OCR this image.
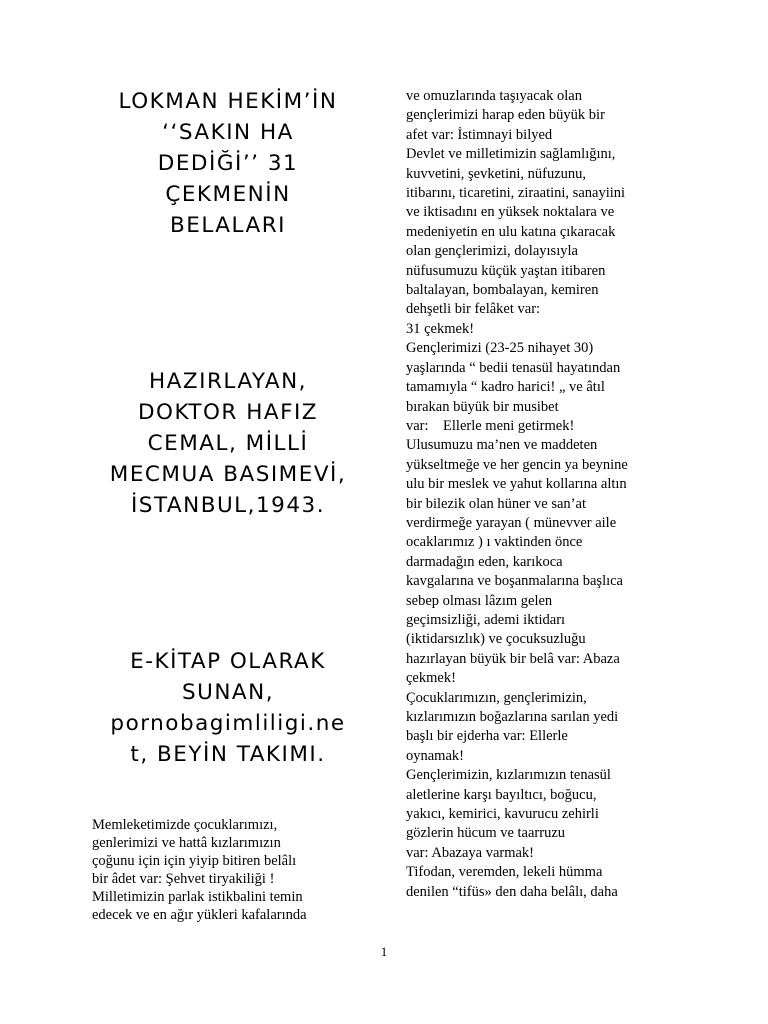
LOKMAN HEKİM’İN
‘‘SAKIN HA
DEDİĞİ’’ 31
ÇEKMENİN
BELALARI
HAZIRLAYAN,
DOKTOR HAFIZ
CEMAL, MİLLİ
MECMUA BASIMEVİ,
İSTANBUL,1943.
E-KİTAP OLARAK
SUNAN,
pornobagimliligi.ne
t, BEYİN TAKIMI.
Memleketimizde çocuklarımızı,
genlerimizi ve hattâ kızlarımızın
çoğunu için için yiyip bitiren belâlı
bir âdet var: Şehvet tiryakiliği !
Milletimizin parlak istikbalini temin
edecek ve en ağır yükleri kafalarında
ve omuzlarında taşıyacak olan
gençlerimizi harap eden büyük bir
afet var: İstimnayi bilyed
Devlet ve milletimizin sağlamlığını,
kuvvetini, şevketini, nüfuzunu,
itibarını, ticaretini, ziraatini, sanayiini
ve iktisadını en yüksek noktalara ve
medeniyetin en ulu katına çıkaracak
olan gençlerimizi, dolayısıyla
nüfusumuzu küçük yaştan itibaren
baltalayan, bombalayan, kemiren
dehşetli bir felâket var:
31 çekmek!
Gençlerimizi (23-25 nihayet 30)
yaşlarında “ bedii tenasül hayatından
tamamıyla “ kadro harici! „ ve âtıl
bırakan büyük bir musibet
var:    Ellerle meni getirmek!
Ulusumuzu ma’nen ve maddeten
yükseltmeğe ve her gencin ya beynine
ulu bir meslek ve yahut kollarına altın
bir bilezik olan hüner ve san’at
verdirmeğe yarayan ( münevver aile
ocaklarımız ) ı vaktinden önce
darmadağın eden, karıkoca
kavgalarına ve boşanmalarına başlıca
sebep olması lâzım gelen
geçimsizliği, ademi iktidarı
(iktidarsızlık) ve çocuksuzluğu
hazırlayan büyük bir belâ var: Abaza
çekmek!
Çocuklarımızın, gençlerimizin,
kızlarımızın boğazlarına sarılan yedi
başlı bir ejderha var: Ellerle
oynamak!
Gençlerimizin, kızlarımızın tenasül
aletlerine karşı bayıltıcı, boğucu,
yakıcı, kemirici, kavurucu zehirli
gözlerin hücum ve taarruzu
var: Abazaya varmak!
Tifodan, veremden, lekeli hümma
denilen “tifüs» den daha belâlı, daha
1
